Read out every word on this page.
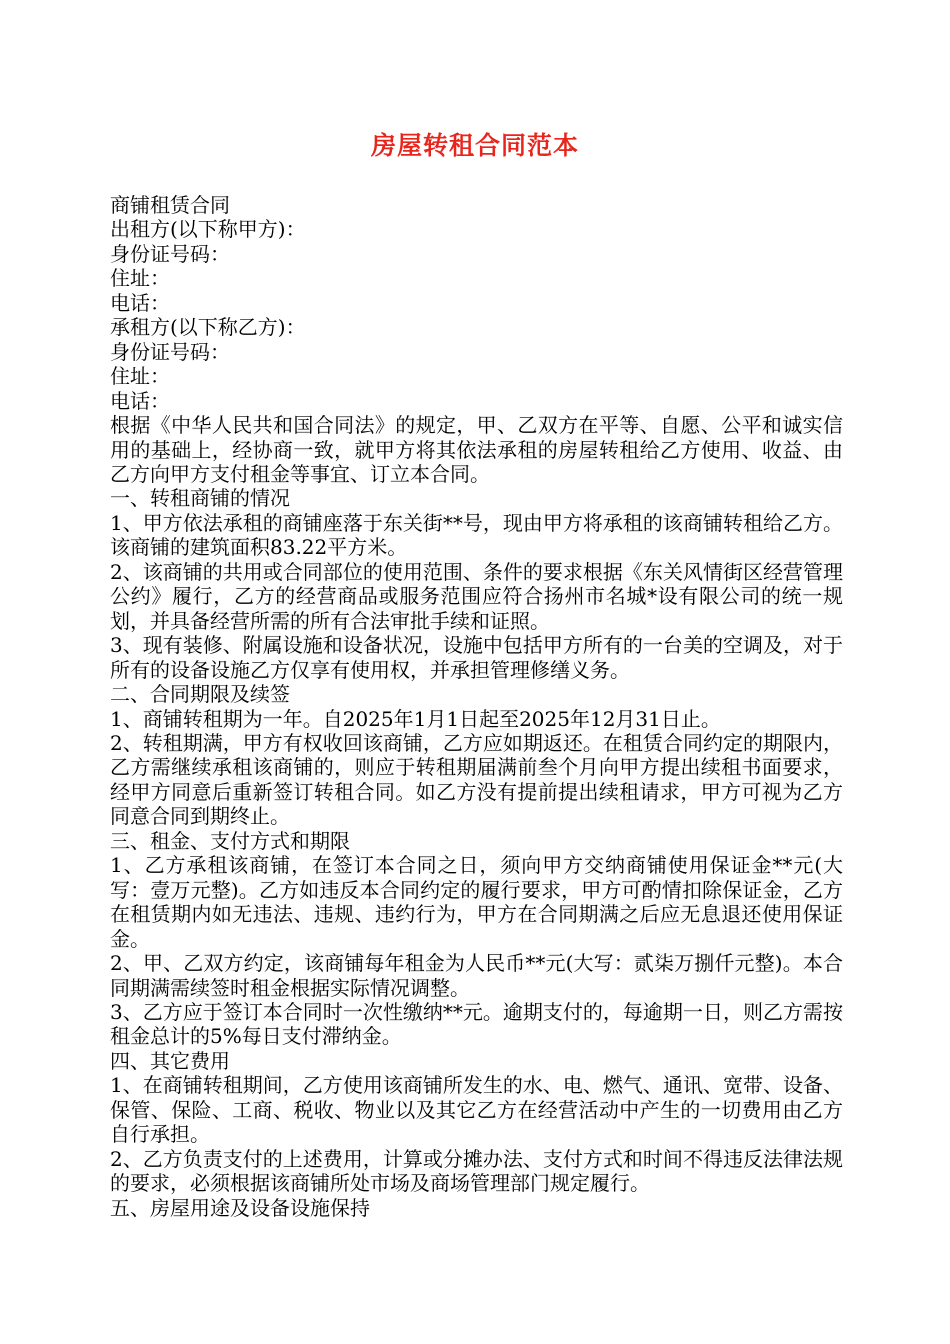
房屋转租合同范本

商铺租赁合同

出租方(以下称甲方)：

身份证号码：

住址：

电话：

承租方(以下称乙方)：

身份证号码：

住址：

电话：

根据《中华人民共和国合同法》的规定，甲、乙双方在平等、自愿、公平和诚实信用的基础上，经协商一致，就甲方将其依法承租的房屋转租给乙方使用、收益、由乙方向甲方支付租金等事宜、订立本合同。

一、转租商铺的情况

1、甲方依法承租的商铺座落于东关街**号，现由甲方将承租的该商铺转租给乙方。该商铺的建筑面积83.22平方米。

2、该商铺的共用或合同部位的使用范围、条件的要求根据《东关风情街区经营管理公约》履行，乙方的经营商品或服务范围应符合扬州市名城*设有限公司的统一规划，并具备经营所需的所有合法审批手续和证照。

3、现有装修、附属设施和设备状况，设施中包括甲方所有的一台美的空调及，对于所有的设备设施乙方仅享有使用权，并承担管理修缮义务。

二、合同期限及续签

1、商铺转租期为一年。自2025年1月1日起至2025年12月31日止。

2、转租期满，甲方有权收回该商铺，乙方应如期返还。在租赁合同约定的期限内，乙方需继续承租该商铺的，则应于转租期届满前叁个月向甲方提出续租书面要求，经甲方同意后重新签订转租合同。如乙方没有提前提出续租请求，甲方可视为乙方同意合同到期终止。

三、租金、支付方式和期限

1、乙方承租该商铺，在签订本合同之日，须向甲方交纳商铺使用保证金**元(大写：壹万元整)。乙方如违反本合同约定的履行要求，甲方可酌情扣除保证金，乙方在租赁期内如无违法、违规、违约行为，甲方在合同期满之后应无息退还使用保证金。

2、甲、乙双方约定，该商铺每年租金为人民币**元(大写：贰柒万捌仟元整)。本合同期满需续签时租金根据实际情况调整。

3、乙方应于签订本合同时一次性缴纳**元。逾期支付的，每逾期一日，则乙方需按租金总计的5%每日支付滞纳金。

四、其它费用

1、在商铺转租期间，乙方使用该商铺所发生的水、电、燃气、通讯、宽带、设备、保管、保险、工商、税收、物业以及其它乙方在经营活动中产生的一切费用由乙方自行承担。

2、乙方负责支付的上述费用，计算或分摊办法、支付方式和时间不得违反法律法规的要求，必须根据该商铺所处市场及商场管理部门规定履行。

五、房屋用途及设备设施保持
